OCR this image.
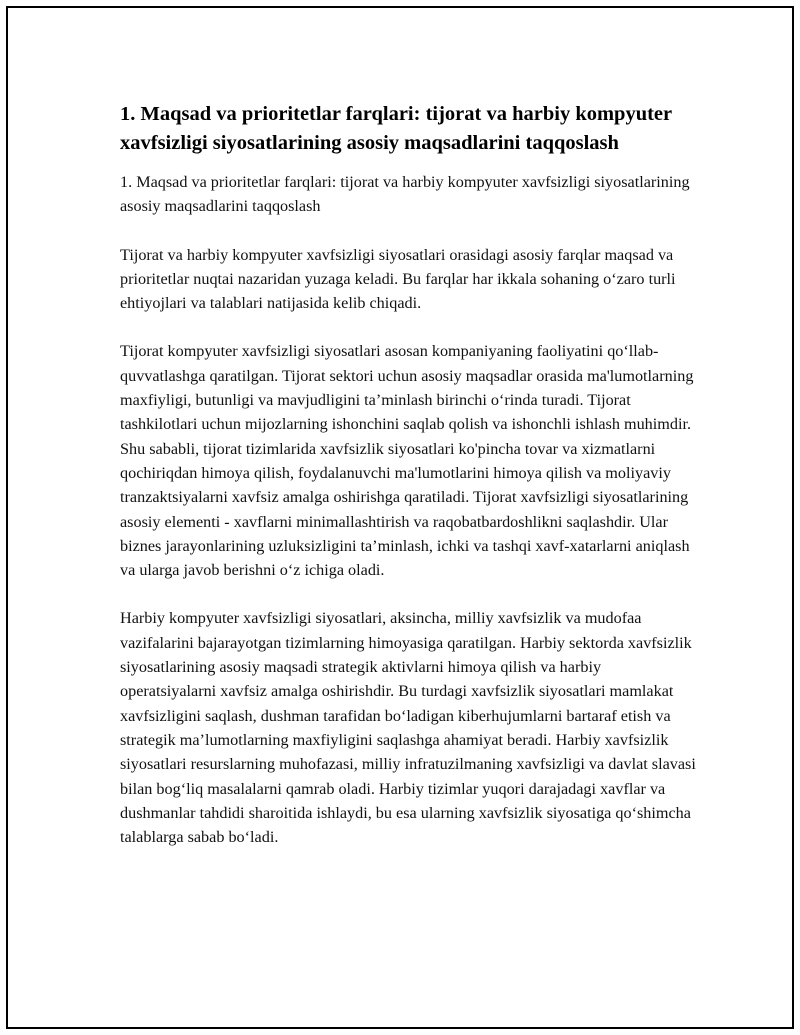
1. Maqsad va prioritetlar farqlari: tijorat va harbiy kompyuter xavfsizligi siyosatlarining asosiy maqsadlarini taqqoslash

1. Maqsad va prioritetlar farqlari: tijorat va harbiy kompyuter xavfsizligi siyosatlarining asosiy maqsadlarini taqqoslash

Tijorat va harbiy kompyuter xavfsizligi siyosatlari orasidagi asosiy farqlar maqsad va prioritetlar nuqtai nazaridan yuzaga keladi. Bu farqlar har ikkala sohaning o‘zaro turli ehtiyojlari va talablari natijasida kelib chiqadi.

Tijorat kompyuter xavfsizligi siyosatlari asosan kompaniyaning faoliyatini qo‘llab-quvvatlashga qaratilgan. Tijorat sektori uchun asosiy maqsadlar orasida ma'lumotlarning maxfiyligi, butunligi va mavjudligini ta’minlash birinchi o‘rinda turadi. Tijorat tashkilotlari uchun mijozlarning ishonchini saqlab qolish va ishonchli ishlash muhimdir. Shu sababli, tijorat tizimlarida xavfsizlik siyosatlari ko'pincha tovar va xizmatlarni qochiriqdan himoya qilish, foydalanuvchi ma'lumotlarini himoya qilish va moliyaviy tranzaktsiyalarni xavfsiz amalga oshirishga qaratiladi. Tijorat xavfsizligi siyosatlarining asosiy elementi - xavflarni minimallashtirish va raqobatbardoshlikni saqlashdir. Ular biznes jarayonlarining uzluksizligini ta’minlash, ichki va tashqi xavf-xatarlarni aniqlash va ularga javob berishni o‘z ichiga oladi.

Harbiy kompyuter xavfsizligi siyosatlari, aksincha, milliy xavfsizlik va mudofaa vazifalarini bajarayotgan tizimlarning himoyasiga qaratilgan. Harbiy sektorda xavfsizlik siyosatlarining asosiy maqsadi strategik aktivlarni himoya qilish va harbiy operatsiyalarni xavfsiz amalga oshirishdir. Bu turdagi xavfsizlik siyosatlari mamlakat xavfsizligini saqlash, dushman tarafidan bo‘ladigan kiberhujumlarni bartaraf etish va strategik ma’lumotlarning maxfiyligini saqlashga ahamiyat beradi. Harbiy xavfsizlik siyosatlari resurslarning muhofazasi, milliy infratuzilmaning xavfsizligi va davlat slavasi bilan bog‘liq masalalarni qamrab oladi. Harbiy tizimlar yuqori darajadagi xavflar va dushmanlar tahdidi sharoitida ishlaydi, bu esa ularning xavfsizlik siyosatiga qo‘shimcha talablarga sabab bo‘ladi.
